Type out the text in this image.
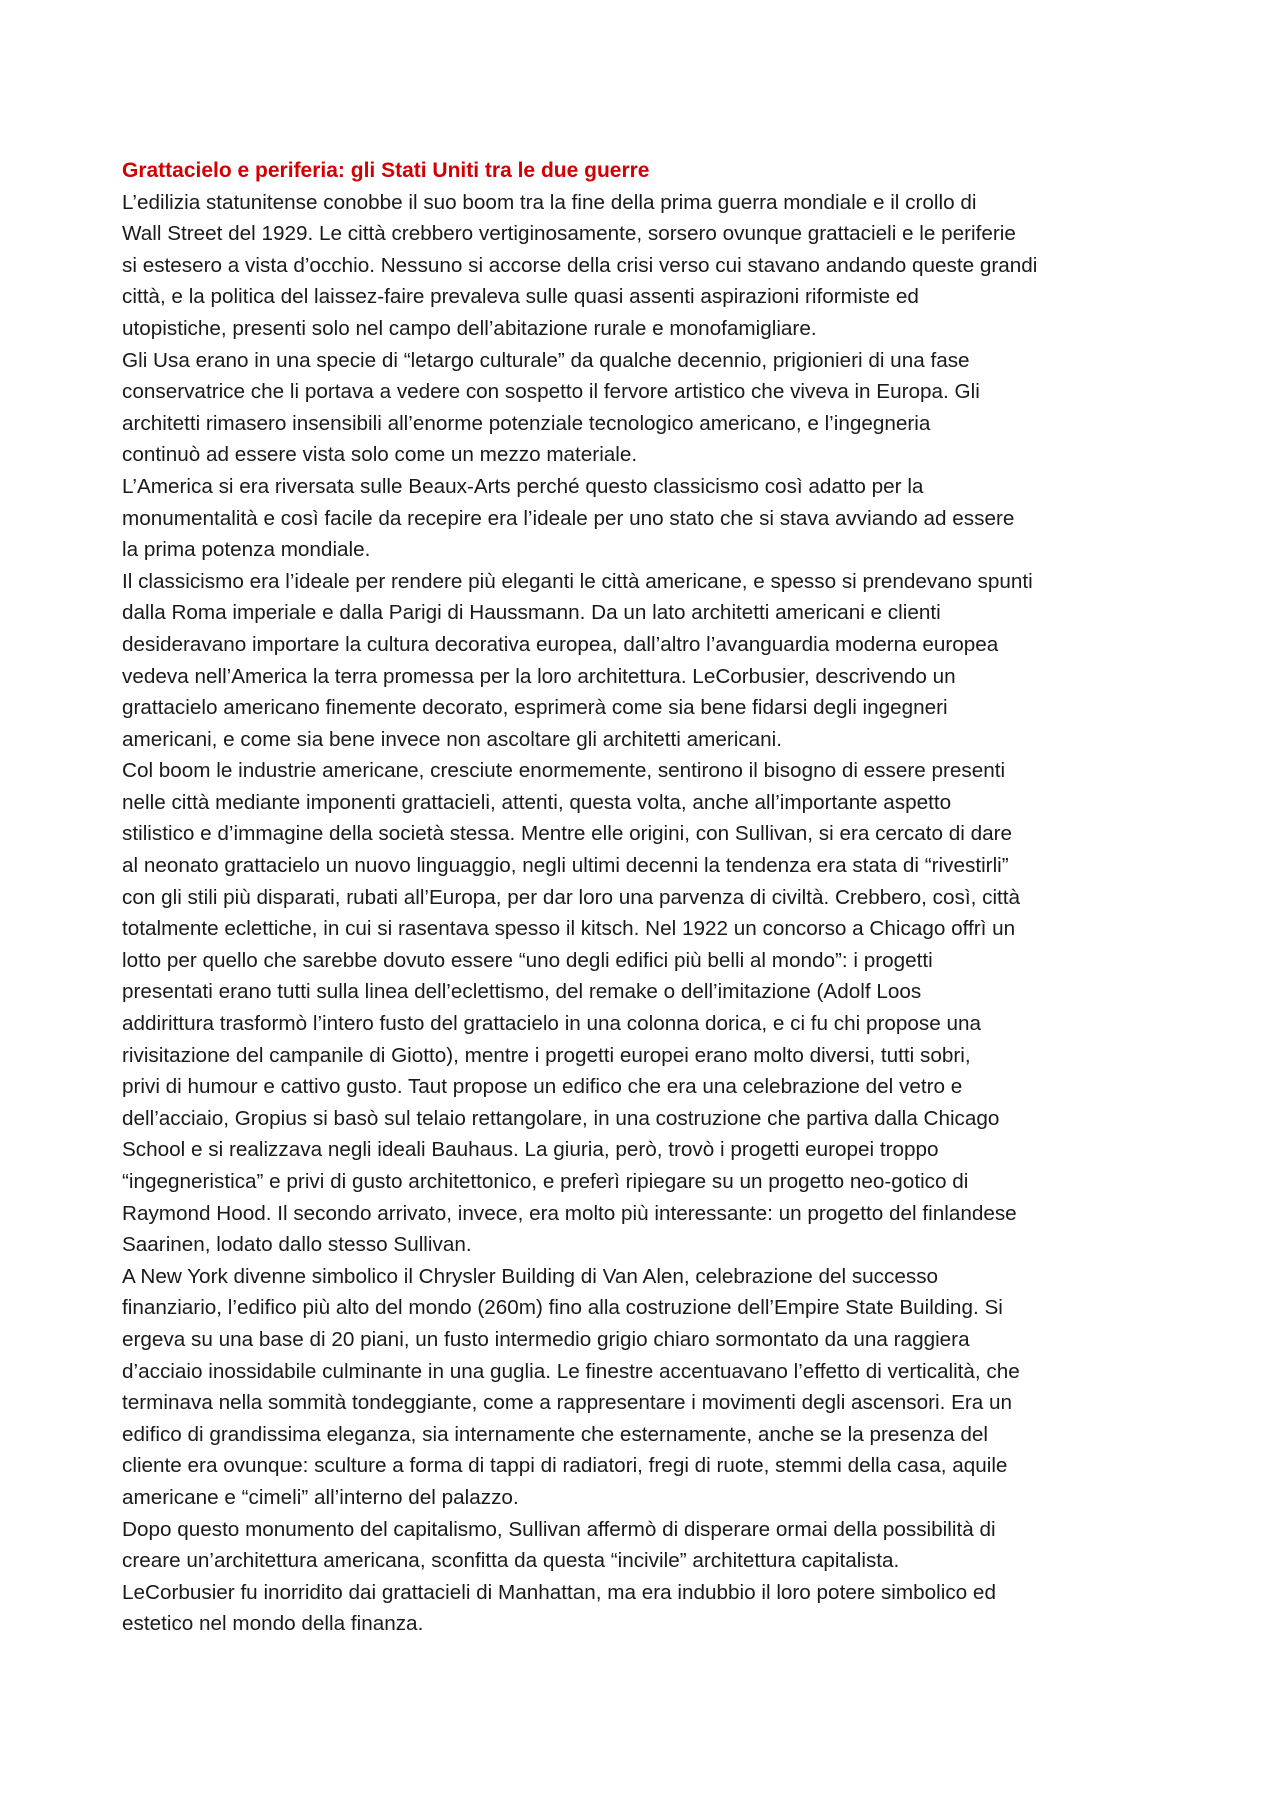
Grattacielo e periferia: gli Stati Uniti tra le due guerre
L’edilizia statunitense conobbe il suo boom tra la fine della prima guerra mondiale e il crollo di
Wall Street del 1929. Le città crebbero vertiginosamente, sorsero ovunque grattacieli e le periferie
si estesero a vista d’occhio. Nessuno si accorse della crisi verso cui stavano andando queste grandi
città, e la politica del laissez-faire prevaleva sulle quasi assenti aspirazioni riformiste ed
utopistiche, presenti solo nel campo dell’abitazione rurale e monofamigliare.
Gli Usa erano in una specie di “letargo culturale” da qualche decennio, prigionieri di una fase
conservatrice che li portava a vedere con sospetto il fervore artistico che viveva in Europa. Gli
architetti rimasero insensibili all’enorme potenziale tecnologico americano, e l’ingegneria
continuò ad essere vista solo come un mezzo materiale.
L’America si era riversata sulle Beaux-Arts perché questo classicismo così adatto per la
monumentalità e così facile da recepire era l’ideale per uno stato che si stava avviando ad essere
la prima potenza mondiale.
Il classicismo era l’ideale per rendere più eleganti le città americane, e spesso si prendevano spunti
dalla Roma imperiale e dalla Parigi di Haussmann. Da un lato architetti americani e clienti
desideravano importare la cultura decorativa europea, dall’altro l’avanguardia moderna europea
vedeva nell’America la terra promessa per la loro architettura. LeCorbusier, descrivendo un
grattacielo americano finemente decorato, esprimerà come sia bene fidarsi degli ingegneri
americani, e come sia bene invece non ascoltare gli architetti americani.
Col boom le industrie americane, cresciute enormemente, sentirono il bisogno di essere presenti
nelle città mediante imponenti grattacieli, attenti, questa volta, anche all’importante aspetto
stilistico e d’immagine della società stessa. Mentre elle origini, con Sullivan, si era cercato di dare
al neonato grattacielo un nuovo linguaggio, negli ultimi decenni la tendenza era stata di “rivestirli”
con gli stili più disparati, rubati all’Europa, per dar loro una parvenza di civiltà. Crebbero, così, città
totalmente eclettiche, in cui si rasentava spesso il kitsch. Nel 1922 un concorso a Chicago offrì un
lotto per quello che sarebbe dovuto essere “uno degli edifici più belli al mondo”: i progetti
presentati erano tutti sulla linea dell’eclettismo, del remake o dell’imitazione (Adolf Loos
addirittura trasformò l’intero fusto del grattacielo in una colonna dorica, e ci fu chi propose una
rivisitazione del campanile di Giotto), mentre i progetti europei erano molto diversi, tutti sobri,
privi di humour e cattivo gusto. Taut propose un edifico che era una celebrazione del vetro e
dell’acciaio, Gropius si basò sul telaio rettangolare, in una costruzione che partiva dalla Chicago
School e si realizzava negli ideali Bauhaus. La giuria, però, trovò i progetti europei troppo
“ingegneristica” e privi di gusto architettonico, e preferì ripiegare su un progetto neo-gotico di
Raymond Hood. Il secondo arrivato, invece, era molto più interessante: un progetto del finlandese
Saarinen, lodato dallo stesso Sullivan.
A New York divenne simbolico il Chrysler Building di Van Alen, celebrazione del successo
finanziario, l’edifico più alto del mondo (260m) fino alla costruzione dell’Empire State Building. Si
ergeva su una base di 20 piani, un fusto intermedio grigio chiaro sormontato da una raggiera
d’acciaio inossidabile culminante in una guglia. Le finestre accentuavano l’effetto di verticalità, che
terminava nella sommità tondeggiante, come a rappresentare i movimenti degli ascensori. Era un
edifico di grandissima eleganza, sia internamente che esternamente, anche se la presenza del
cliente era ovunque: sculture a forma di tappi di radiatori, fregi di ruote, stemmi della casa, aquile
americane e “cimeli” all’interno del palazzo.
Dopo questo monumento del capitalismo, Sullivan affermò di disperare ormai della possibilità di
creare un’architettura americana, sconfitta da questa “incivile” architettura capitalista.
LeCorbusier fu inorridito dai grattacieli di Manhattan, ma era indubbio il loro potere simbolico ed
estetico nel mondo della finanza.
